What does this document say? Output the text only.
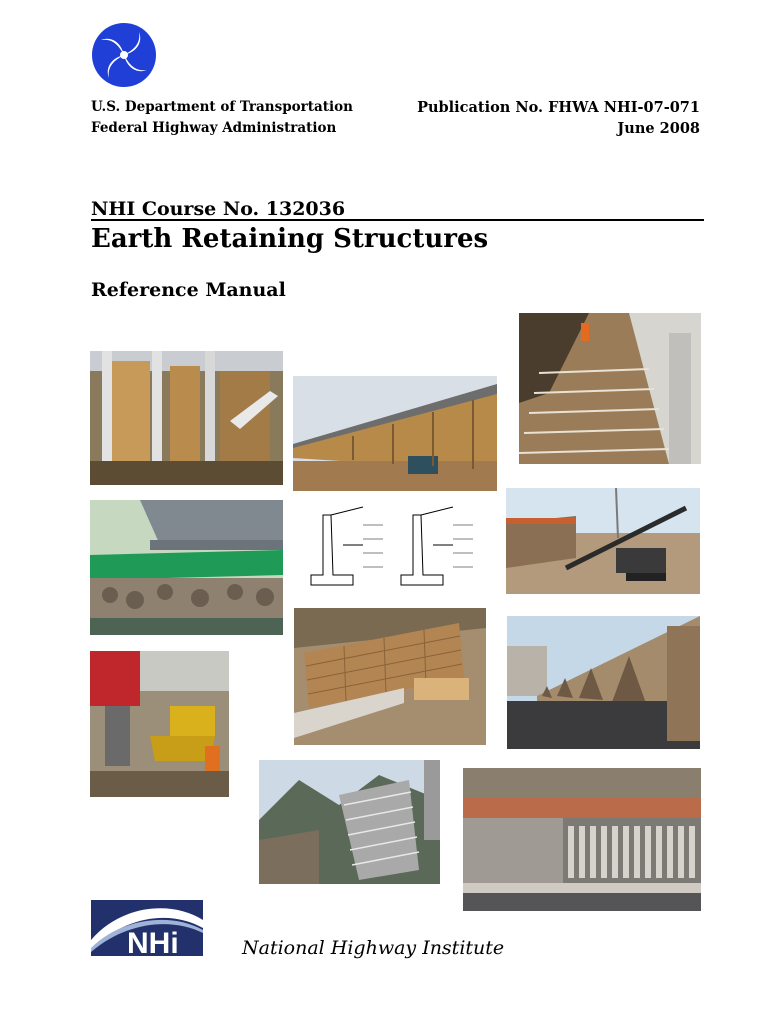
U.S. Department of Transportation
Federal Highway Administration
Publication No. FHWA NHI-07-071
June 2008
NHI Course No. 132036
Earth Retaining Structures
Reference Manual
NHi	National Highway Institute
